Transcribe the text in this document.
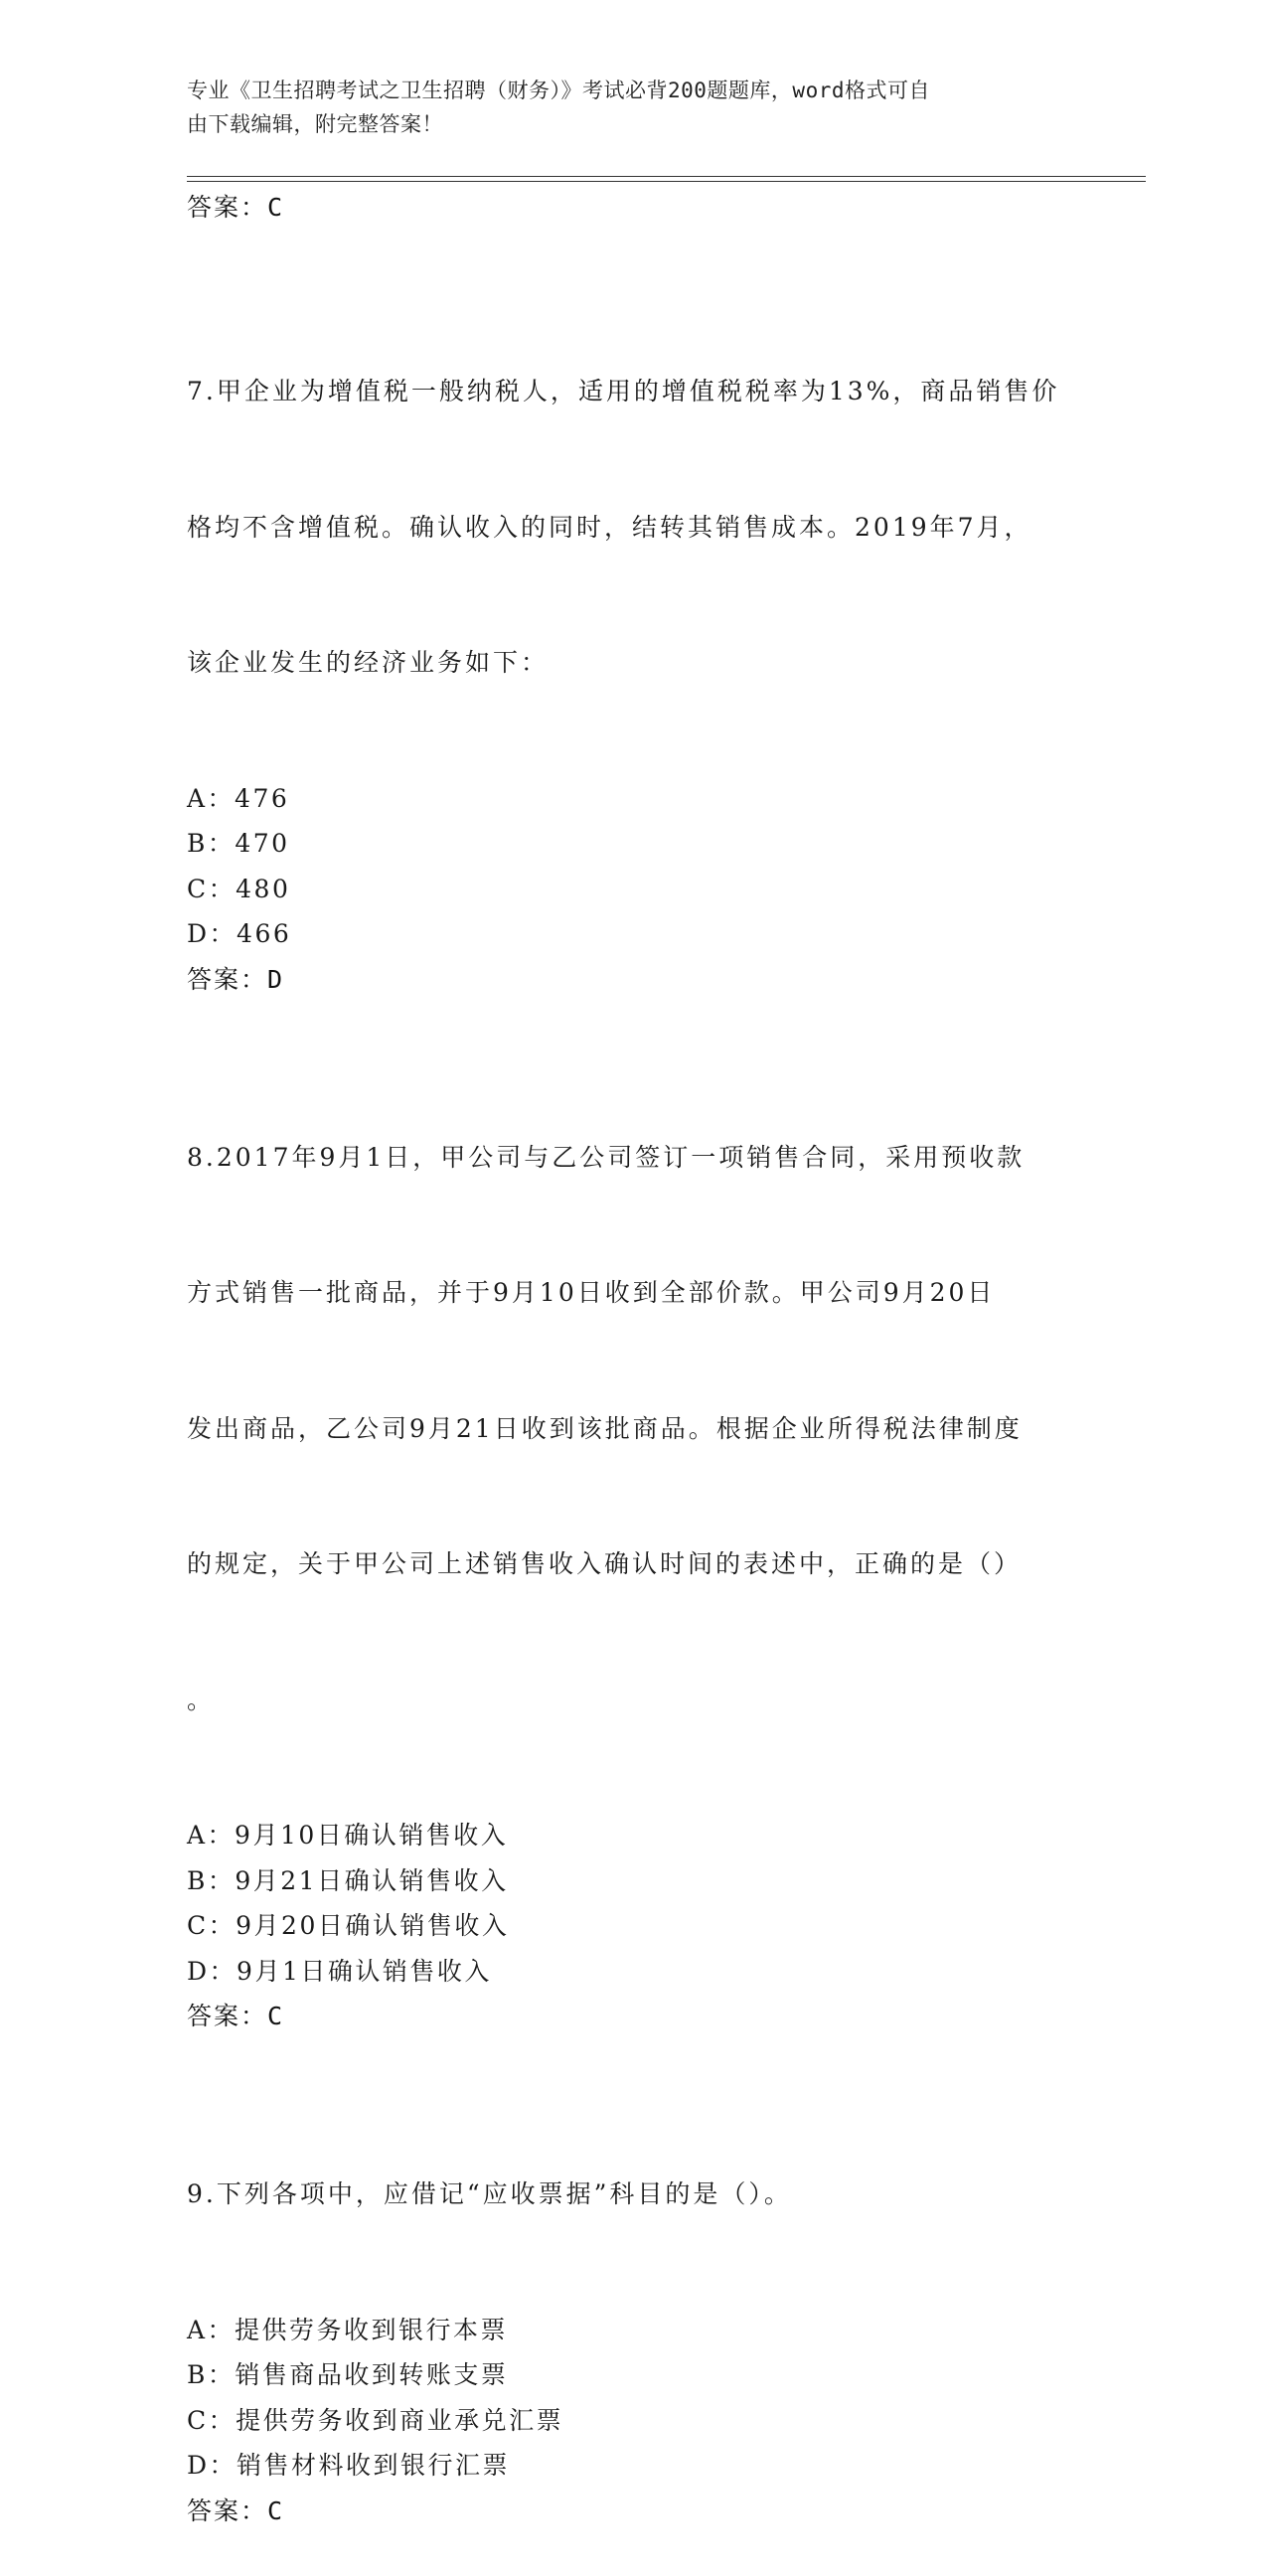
专业《卫生招聘考试之卫生招聘（财务）》考试必背200题题库，word格式可自
由下载编辑，附完整答案！
答案：C

7.甲企业为增值税一般纳税人，适用的增值税税率为13%，商品销售价

格均不含增值税。确认收入的同时，结转其销售成本。2019年7月，

该企业发生的经济业务如下：

A：476
B：470
C：480
D：466
答案：D

8.2017年9月1日，甲公司与乙公司签订一项销售合同，采用预收款

方式销售一批商品，并于9月10日收到全部价款。甲公司9月20日

发出商品，乙公司9月21日收到该批商品。根据企业所得税法律制度

的规定，关于甲公司上述销售收入确认时间的表述中，正确的是（）

。

A：9月10日确认销售收入
B：9月21日确认销售收入
C：9月20日确认销售收入
D：9月1日确认销售收入
答案：C

9.下列各项中，应借记“应收票据”科目的是（）。

A：提供劳务收到银行本票
B：销售商品收到转账支票
C：提供劳务收到商业承兑汇票
D：销售材料收到银行汇票
答案：C
